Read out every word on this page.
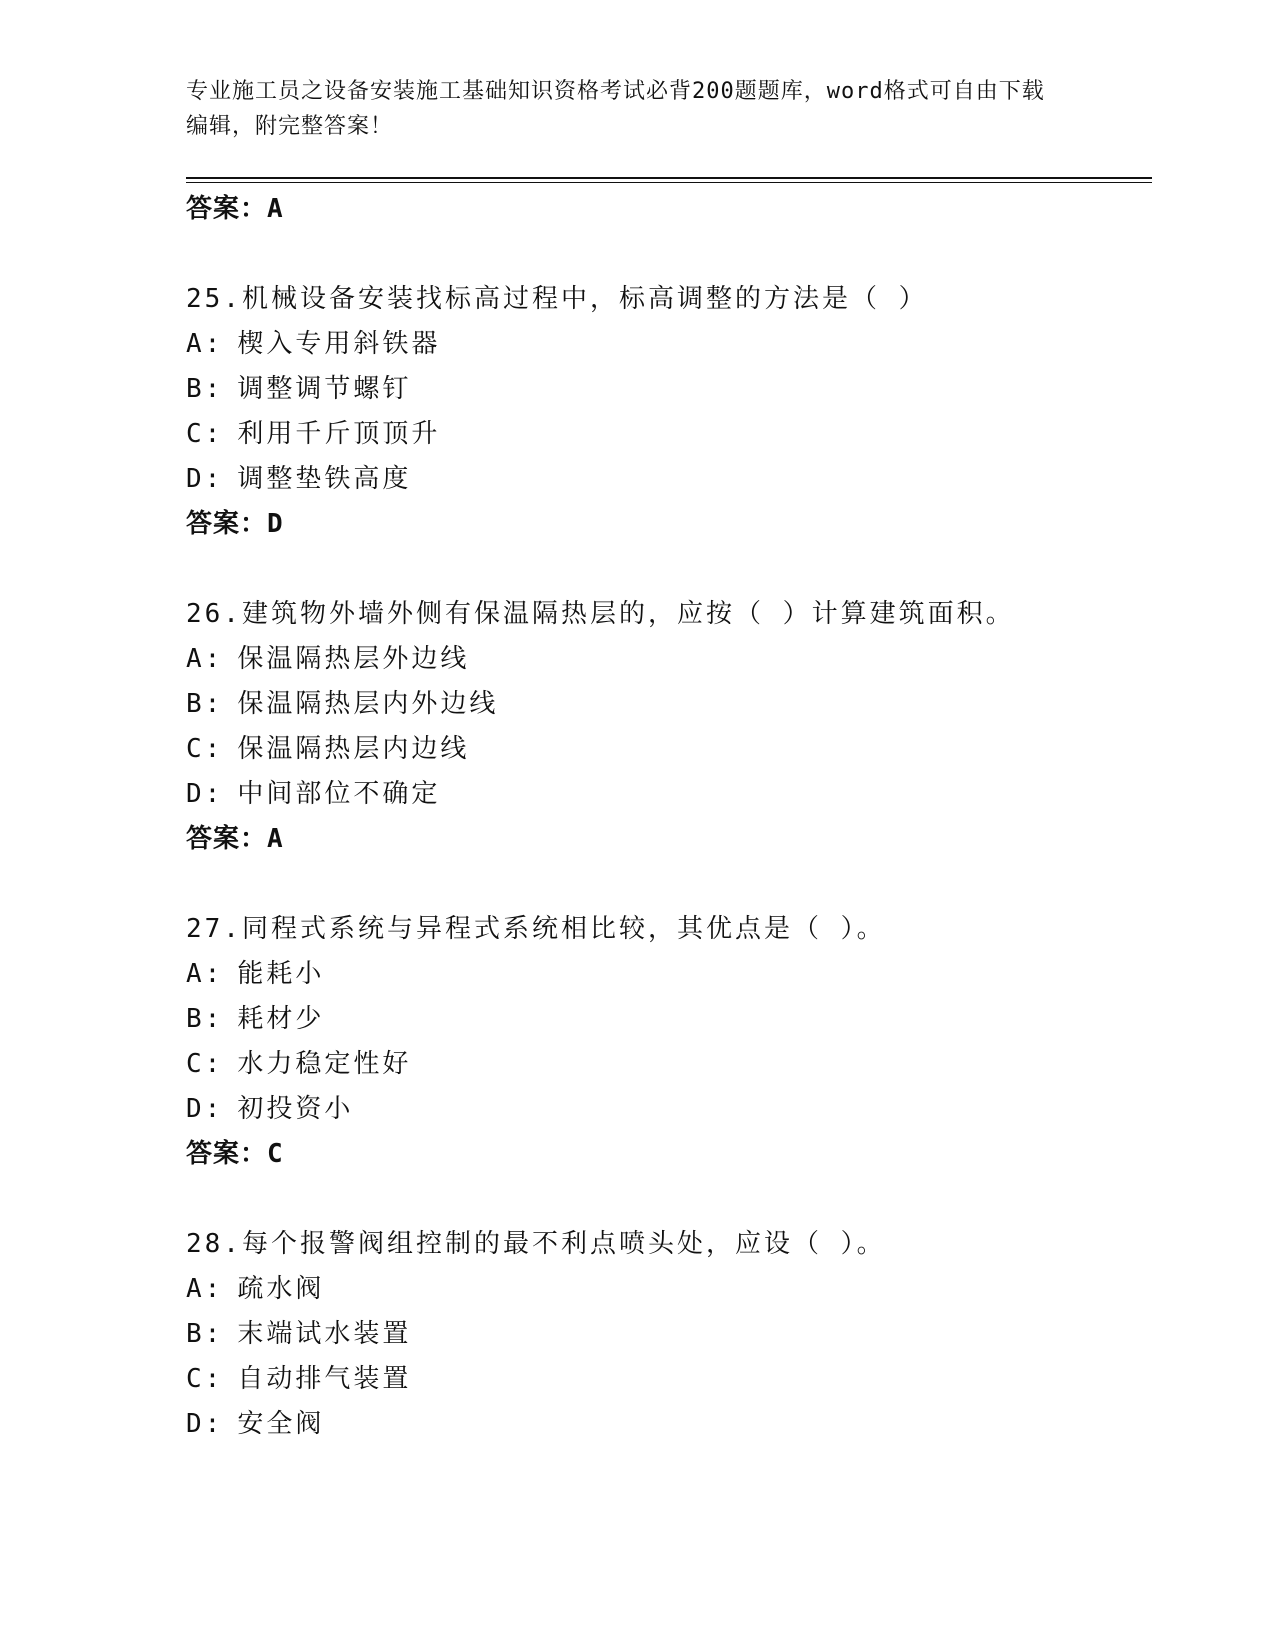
专业施工员之设备安装施工基础知识资格考试必背200题题库，word格式可自由下载编辑，附完整答案！
答案：A
25.机械设备安装找标高过程中，标高调整的方法是（ ）
A: 楔入专用斜铁器
B: 调整调节螺钉
C: 利用千斤顶顶升
D: 调整垫铁高度
答案：D
26.建筑物外墙外侧有保温隔热层的，应按（ ）计算建筑面积。
A: 保温隔热层外边线
B: 保温隔热层内外边线
C: 保温隔热层内边线
D: 中间部位不确定
答案：A
27.同程式系统与异程式系统相比较，其优点是（ ）。
A: 能耗小
B: 耗材少
C: 水力稳定性好
D: 初投资小
答案：C
28.每个报警阀组控制的最不利点喷头处，应设（ ）。
A: 疏水阀
B: 末端试水装置
C: 自动排气装置
D: 安全阀
